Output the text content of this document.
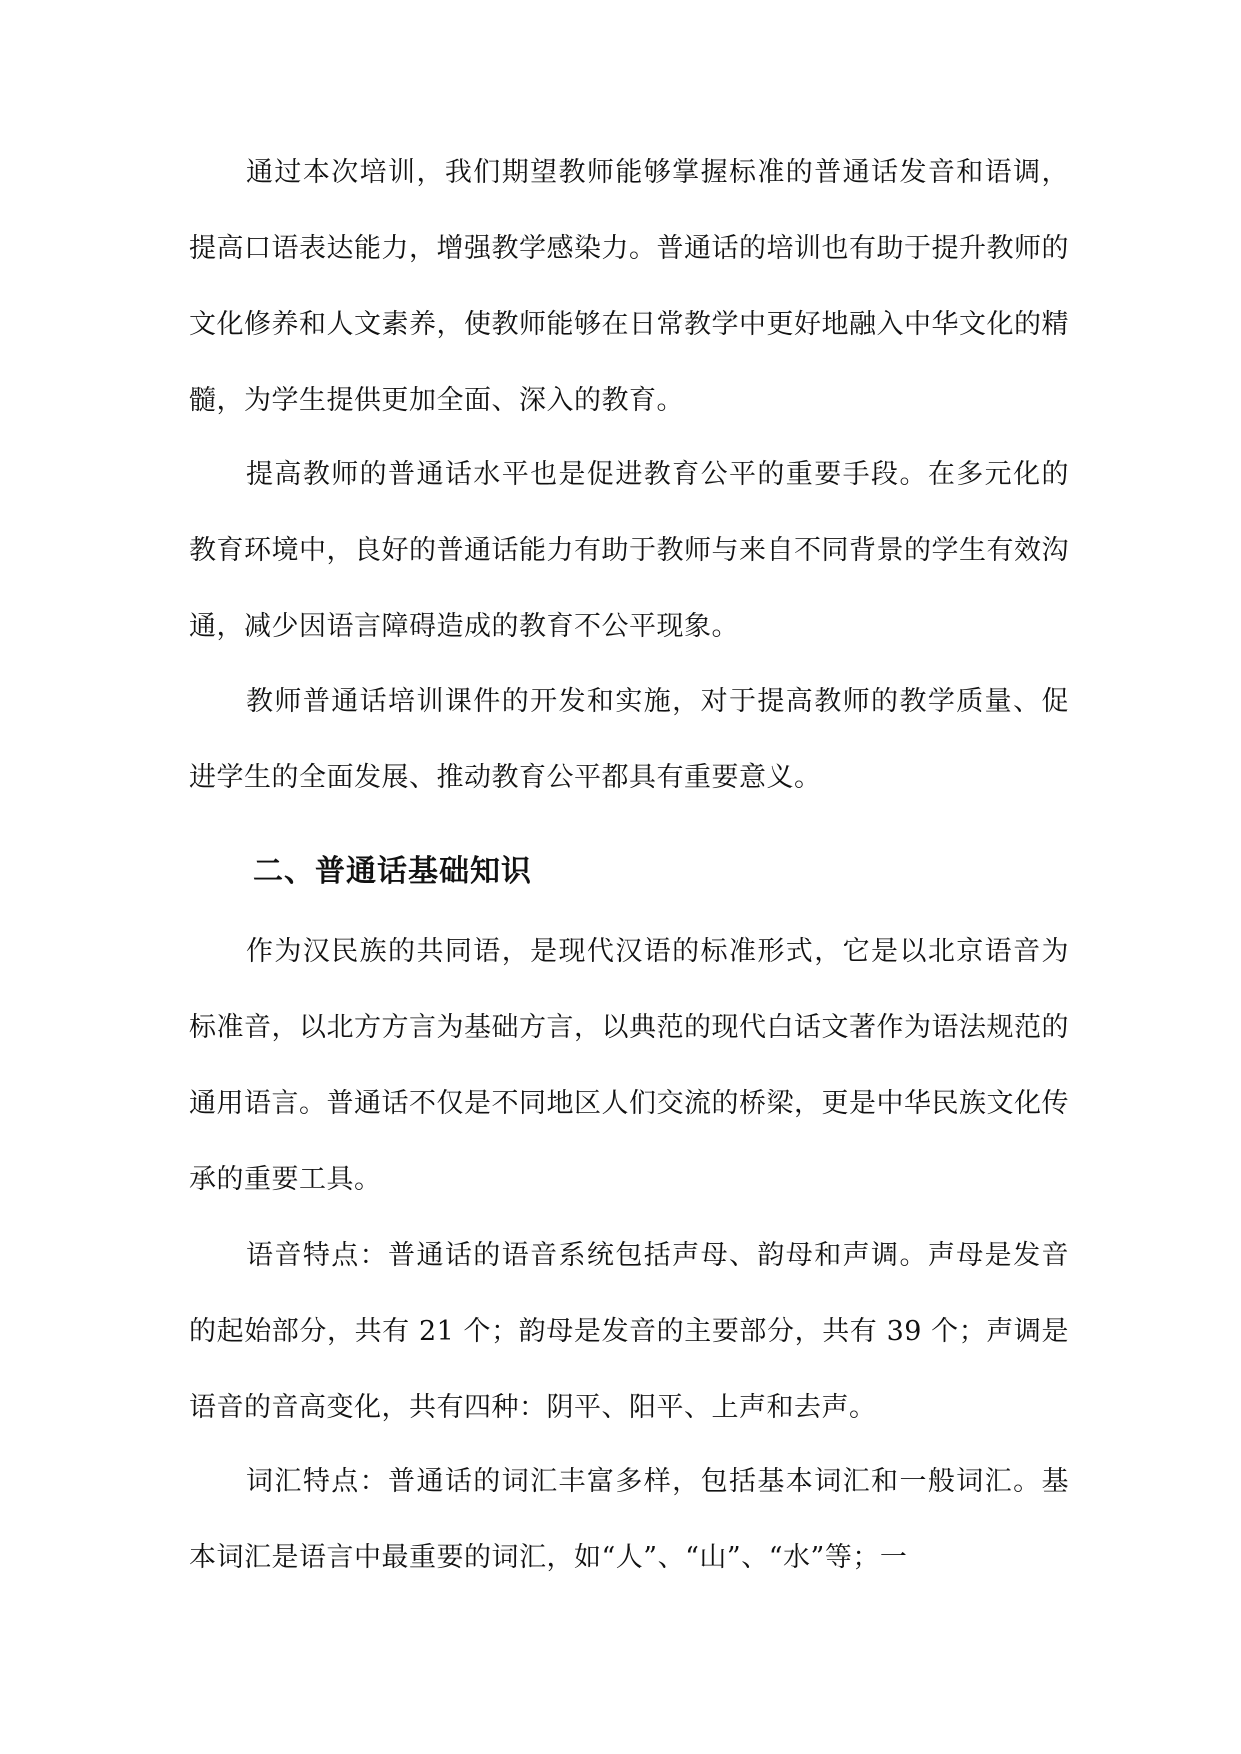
通过本次培训，我们期望教师能够掌握标准的普通话发音和语调，提高口语表达能力，增强教学感染力。普通话的培训也有助于提升教师的文化修养和人文素养，使教师能够在日常教学中更好地融入中华文化的精髓，为学生提供更加全面、深入的教育。

提高教师的普通话水平也是促进教育公平的重要手段。在多元化的教育环境中，良好的普通话能力有助于教师与来自不同背景的学生有效沟通，减少因语言障碍造成的教育不公平现象。

教师普通话培训课件的开发和实施，对于提高教师的教学质量、促进学生的全面发展、推动教育公平都具有重要意义。

二、普通话基础知识

作为汉民族的共同语，是现代汉语的标准形式，它是以北京语音为标准音，以北方方言为基础方言，以典范的现代白话文著作为语法规范的通用语言。普通话不仅是不同地区人们交流的桥梁，更是中华民族文化传承的重要工具。

语音特点：普通话的语音系统包括声母、韵母和声调。声母是发音的起始部分，共有 21 个；韵母是发音的主要部分，共有 39 个；声调是语音的音高变化，共有四种：阴平、阳平、上声和去声。

词汇特点：普通话的词汇丰富多样，包括基本词汇和一般词汇。基本词汇是语言中最重要的词汇，如“人”、“山”、“水”等；一
